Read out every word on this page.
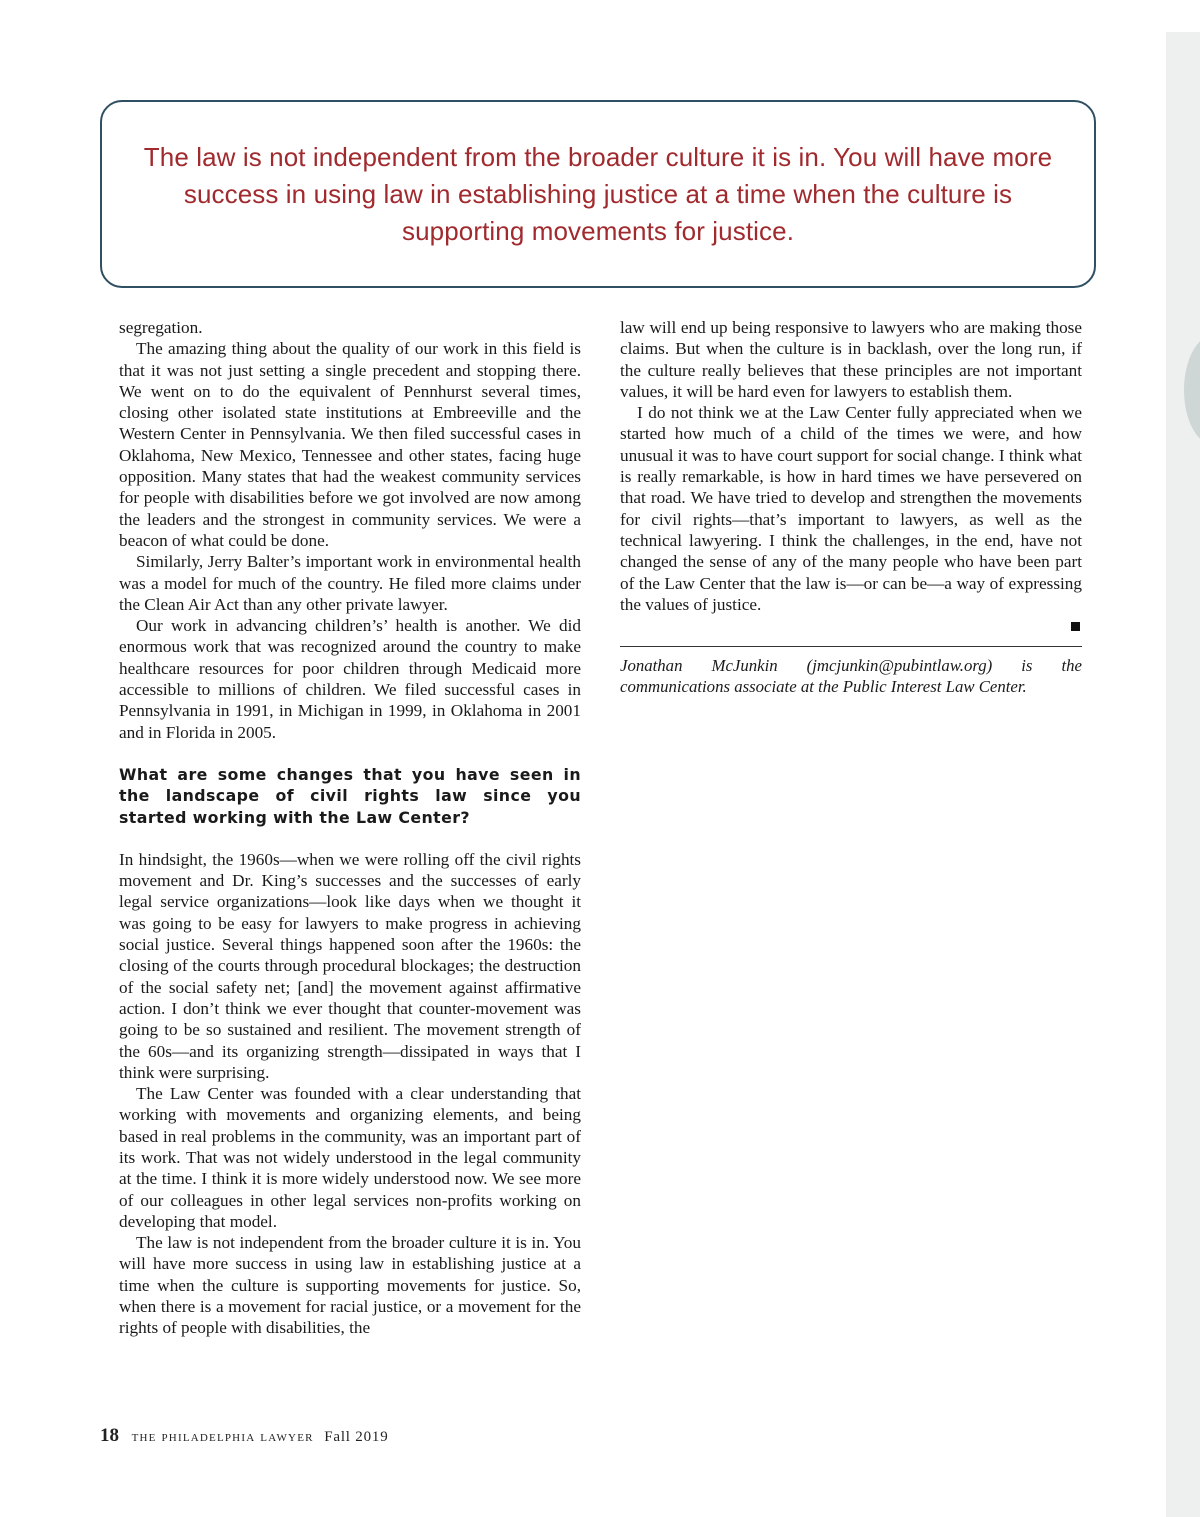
The law is not independent from the broader culture it is in. You will have more success in using law in establishing justice at a time when the culture is supporting movements for justice.

segregation.

The amazing thing about the quality of our work in this field is that it was not just setting a single precedent and stopping there. We went on to do the equivalent of Pennhurst several times, closing other isolated state institutions at Embreeville and the Western Center in Pennsylvania. We then filed successful cases in Oklahoma, New Mexico, Tennessee and other states, facing huge opposition. Many states that had the weakest community services for people with disabilities before we got involved are now among the leaders and the strongest in community services. We were a beacon of what could be done.

Similarly, Jerry Balter’s important work in environmental health was a model for much of the country. He filed more claims under the Clean Air Act than any other private lawyer.

Our work in advancing children’s’ health is another. We did enormous work that was recognized around the country to make healthcare resources for poor children through Medicaid more accessible to millions of children. We filed successful cases in Pennsylvania in 1991, in Michigan in 1999, in Oklahoma in 2001 and in Florida in 2005.

What are some changes that you have seen in the landscape of civil rights law since you started working with the Law Center?

In hindsight, the 1960s—when we were rolling off the civil rights movement and Dr. King’s successes and the successes of early legal service organizations—look like days when we thought it was going to be easy for lawyers to make progress in achieving social justice. Several things happened soon after the 1960s: the closing of the courts through procedural blockages; the destruction of the social safety net; [and] the movement against affirmative action. I don’t think we ever thought that counter-movement was going to be so sustained and resilient. The movement strength of the 60s—and its organizing strength—dissipated in ways that I think were surprising.

The Law Center was founded with a clear understanding that working with movements and organizing elements, and being based in real problems in the community, was an important part of its work. That was not widely understood in the legal community at the time. I think it is more widely understood now. We see more of our colleagues in other legal services non-profits working on developing that model.

The law is not independent from the broader culture it is in. You will have more success in using law in establishing justice at a time when the culture is supporting movements for justice. So, when there is a movement for racial justice, or a movement for the rights of people with disabilities, the

law will end up being responsive to lawyers who are making those claims. But when the culture is in backlash, over the long run, if the culture really believes that these principles are not important values, it will be hard even for lawyers to establish them.

I do not think we at the Law Center fully appreciated when we started how much of a child of the times we were, and how unusual it was to have court support for social change. I think what is really remarkable, is how in hard times we have persevered on that road. We have tried to develop and strengthen the movements for civil rights—that’s important to lawyers, as well as the technical lawyering. I think the challenges, in the end, have not changed the sense of any of the many people who have been part of the Law Center that the law is—or can be—a way of expressing the values of justice.

Jonathan McJunkin (jmcjunkin@pubintlaw.org) is the communications associate at the Public Interest Law Center.

18 the philadelphia lawyer Fall 2019
